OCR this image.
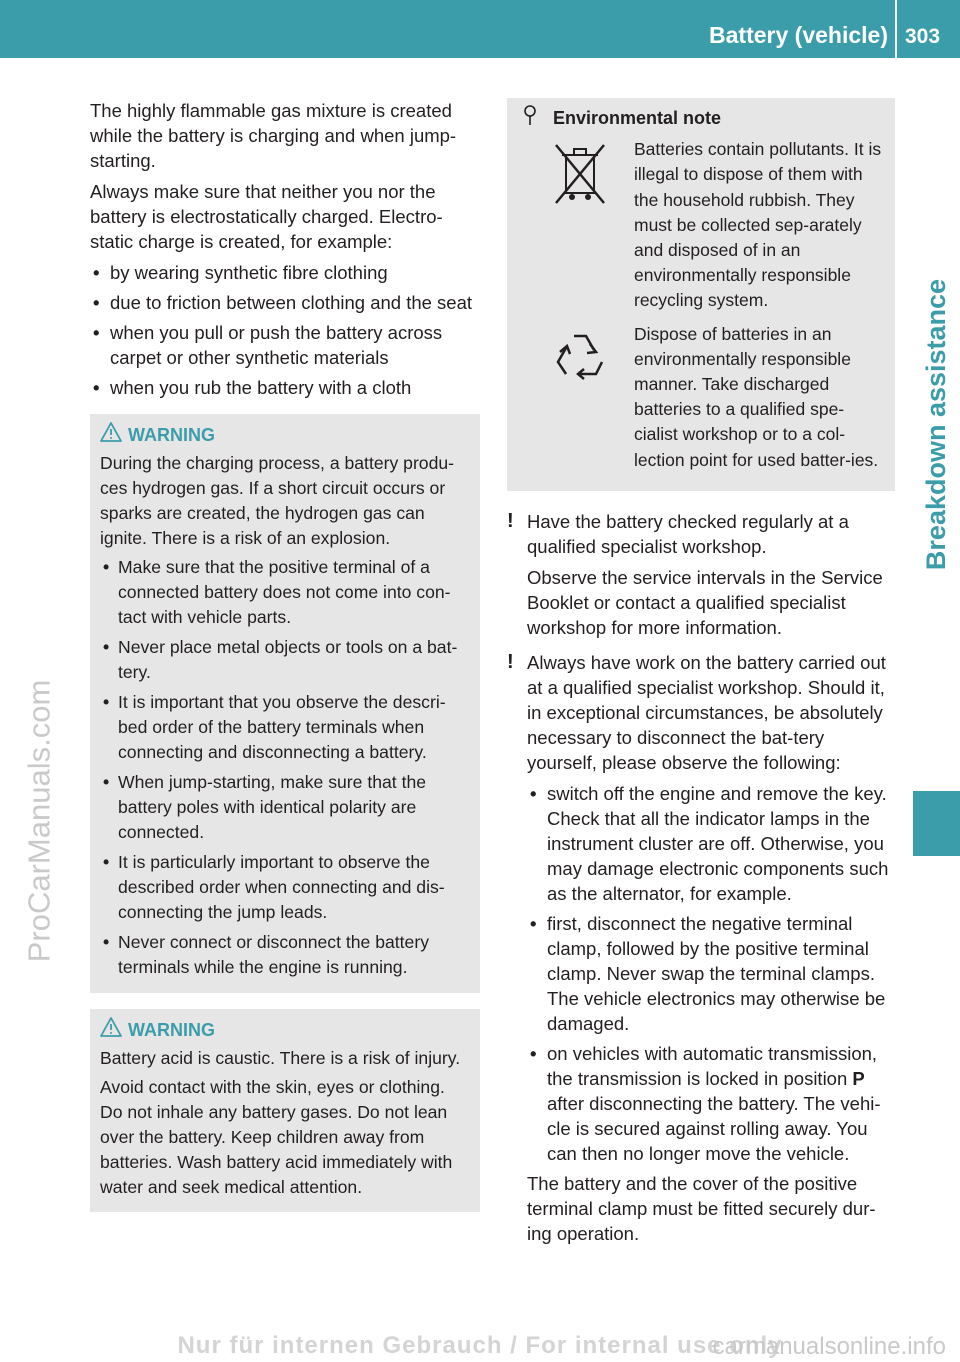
Battery (vehicle) 303
Breakdown assistance
ProCarManuals.com

The highly flammable gas mixture is created while the battery is charging and when jump-starting.

Always make sure that neither you nor the battery is electrostatically charged. Electro-static charge is created, for example:

• by wearing synthetic fibre clothing
• due to friction between clothing and the seat
• when you pull or push the battery across carpet or other synthetic materials
• when you rub the battery with a cloth
WARNING

During the charging process, a battery produ-ces hydrogen gas. If a short circuit occurs or sparks are created, the hydrogen gas can ignite. There is a risk of an explosion.

• Make sure that the positive terminal of a connected battery does not come into con-tact with vehicle parts.
• Never place metal objects or tools on a bat-tery.
• It is important that you observe the descri-bed order of the battery terminals when connecting and disconnecting a battery.
• When jump-starting, make sure that the battery poles with identical polarity are connected.
• It is particularly important to observe the described order when connecting and dis-connecting the jump leads.
• Never connect or disconnect the battery terminals while the engine is running.
WARNING

Battery acid is caustic. There is a risk of injury.

Avoid contact with the skin, eyes or clothing. Do not inhale any battery gases. Do not lean over the battery. Keep children away from batteries. Wash battery acid immediately with water and seek medical attention.

Environmental note
Batteries contain pollutants. It is illegal to dispose of them with the household rubbish. They must be collected sep-arately and disposed of in an environmentally responsible recycling system.
Dispose of batteries in an environmentally responsible manner. Take discharged batteries to a qualified spe-cialist workshop or to a col-lection point for used batter-ies.
! Have the battery checked regularly at a qualified specialist workshop.

Observe the service intervals in the Service Booklet or contact a qualified specialist workshop for more information.

! Always have work on the battery carried out at a qualified specialist workshop. Should it, in exceptional circumstances, be absolutely necessary to disconnect the bat-tery yourself, please observe the following:

• switch off the engine and remove the key. Check that all the indicator lamps in the instrument cluster are off. Otherwise, you may damage electronic components such as the alternator, for example.
• first, disconnect the negative terminal clamp, followed by the positive terminal clamp. Never swap the terminal clamps. The vehicle electronics may otherwise be damaged.
• on vehicles with automatic transmission, the transmission is locked in position P after disconnecting the battery. The vehi-cle is secured against rolling away. You can then no longer move the vehicle.

The battery and the cover of the positive terminal clamp must be fitted securely dur-ing operation.

Nur für internen Gebrauch / For internal use only
carmanualsonline.info
